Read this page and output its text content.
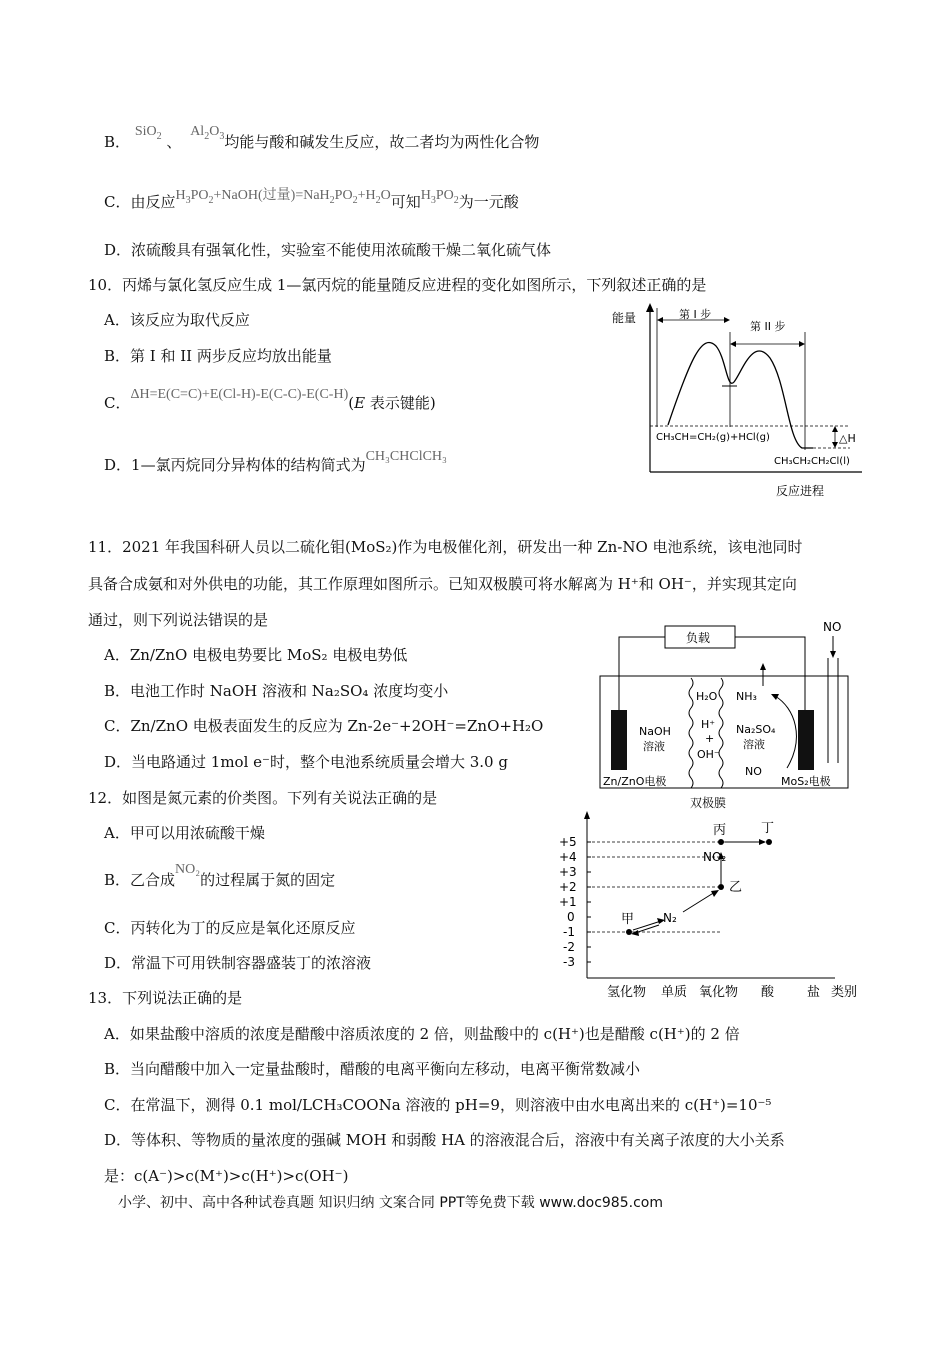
B． SiO$_2$ 、 $Al_2O_3$均能与酸和碱发生反应，故二者均为两性化合物
C．由反应$H_3PO_2+NaOH$(过量)$=NaH_2PO_2+H_2O$可知$H_3PO_2$为一元酸
D．浓硫酸具有强氧化性，实验室不能使用浓硫酸干燥二氧化硫气体
10．丙烯与氯化氢反应生成 1—氯丙烷的能量随反应进程的变化如图所示，下列叙述正确的是
A．该反应为取代反应
B．第 I 和 II 两步反应均放出能量
C．ΔH=E(C=C)+E(Cl-H)-E(C-C)-E(C-H)(E 表示键能)
D．1—氯丙烷同分异构体的结构简式为CH₃CHClCH₃
能量	第 I 步
第 II 步
△H
CH₃CH=CH₂(g)+HCl(g)
CH₃CH₂CH₂Cl(l)
反应进程
11．2021 年我国科研人员以二硫化钼(MoS₂)作为电极催化剂，研发出一种 Zn-NO 电池系统，该电池同时
具备合成氨和对外供电的功能，其工作原理如图所示。已知双极膜可将水解离为 H⁺和 OH⁻，并实现其定向
通过，则下列说法错误的是
A．Zn/ZnO 电极电势要比 MoS₂ 电极电势低
B．电池工作时 NaOH 溶液和 Na₂SO₄ 浓度均变小
C．Zn/ZnO 电极表面发生的反应为 Zn-2e⁻+2OH⁻=ZnO+H₂O
D．当电路通过 1mol e⁻时，整个电池系统质量会增大 3.0 g
负载
NO
H₂O NH₃
NaOH
溶液
H⁺
+
OH⁻
Na₂SO₄
溶液
NO
Zn/ZnO电极	MoS₂电极
双极膜
12．如图是氮元素的价类图。下列有关说法正确的是
A．甲可以用浓硫酸干燥
B．乙合成NO₂的过程属于氮的固定
C．丙转化为丁的反应是氧化还原反应
D．常温下可用铁制容器盛装丁的浓溶液
+5
+4
+3
+2
+1
0
-1
-2
-3
甲 N₂
乙
NO₂
丙	丁
氢化物 单质 氧化物 酸	盐 类别
13．下列说法正确的是
A．如果盐酸中溶质的浓度是醋酸中溶质浓度的 2 倍，则盐酸中的 c(H⁺)也是醋酸 c(H⁺)的 2 倍
B．当向醋酸中加入一定量盐酸时，醋酸的电离平衡向左移动，电离平衡常数减小
C．在常温下，测得 0.1 mol/LCH₃COONa 溶液的 pH=9，则溶液中由水电离出来的 c(H⁺)=10⁻⁵
D．等体积、等物质的量浓度的强碱 MOH 和弱酸 HA 的溶液混合后，溶液中有关离子浓度的大小关系
是：c(A⁻)>c(M⁺)>c(H⁺)>c(OH⁻)
小学、初中、高中各种试卷真题 知识归纳 文案合同 PPT等免费下载 www.doc985.com
